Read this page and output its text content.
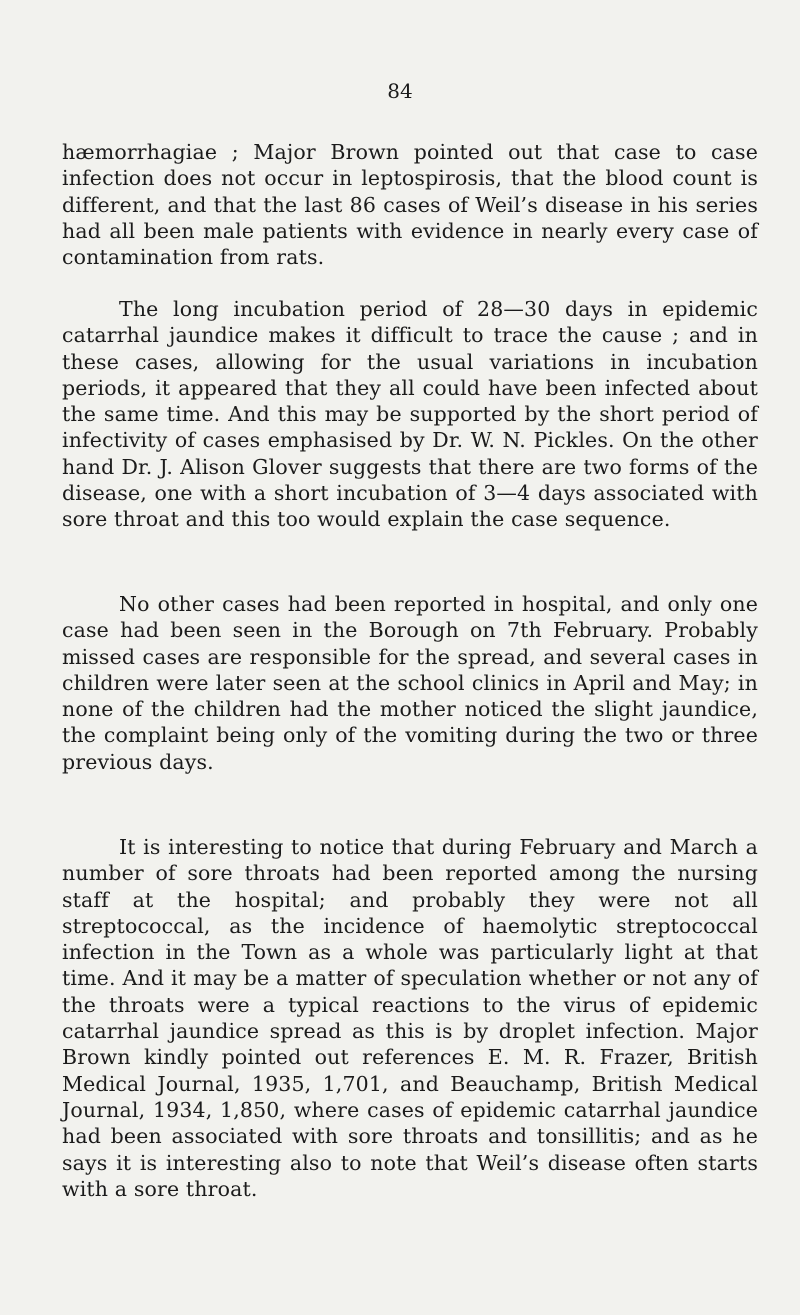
84

hæmorrhagiae ; Major Brown pointed out that case to case infection does not occur in leptospirosis, that the blood count is different, and that the last 86 cases of Weil’s disease in his series had all been male patients with evidence in nearly every case of contamination from rats.

The long incubation period of 28—30 days in epidemic catarrhal jaundice makes it difficult to trace the cause ; and in these cases, allowing for the usual variations in incubation periods, it appeared that they all could have been infected about the same time. And this may be supported by the short period of infectivity of cases emphasised by Dr. W. N. Pickles. On the other hand Dr. J. Alison Glover suggests that there are two forms of the disease, one with a short incubation of 3—4 days associated with sore throat and this too would explain the case sequence.

No other cases had been reported in hospital, and only one case had been seen in the Borough on 7th February. Probably missed cases are responsible for the spread, and several cases in children were later seen at the school clinics in April and May; in none of the children had the mother noticed the slight jaundice, the complaint being only of the vomiting during the two or three previous days.

It is interesting to notice that during February and March a number of sore throats had been reported among the nursing staff at the hospital; and probably they were not all streptococcal, as the incidence of haemolytic streptococcal infection in the Town as a whole was particularly light at that time. And it may be a matter of speculation whether or not any of the throats were a typical reactions to the virus of epidemic catarrhal jaundice spread as this is by droplet infection. Major Brown kindly pointed out references E. M. R. Frazer, British Medical Journal, 1935, 1,701, and Beauchamp, British Medical Journal, 1934, 1,850, where cases of epidemic catarrhal jaundice had been associated with sore throats and tonsillitis; and as he says it is interesting also to note that Weil’s disease often starts with a sore throat.
